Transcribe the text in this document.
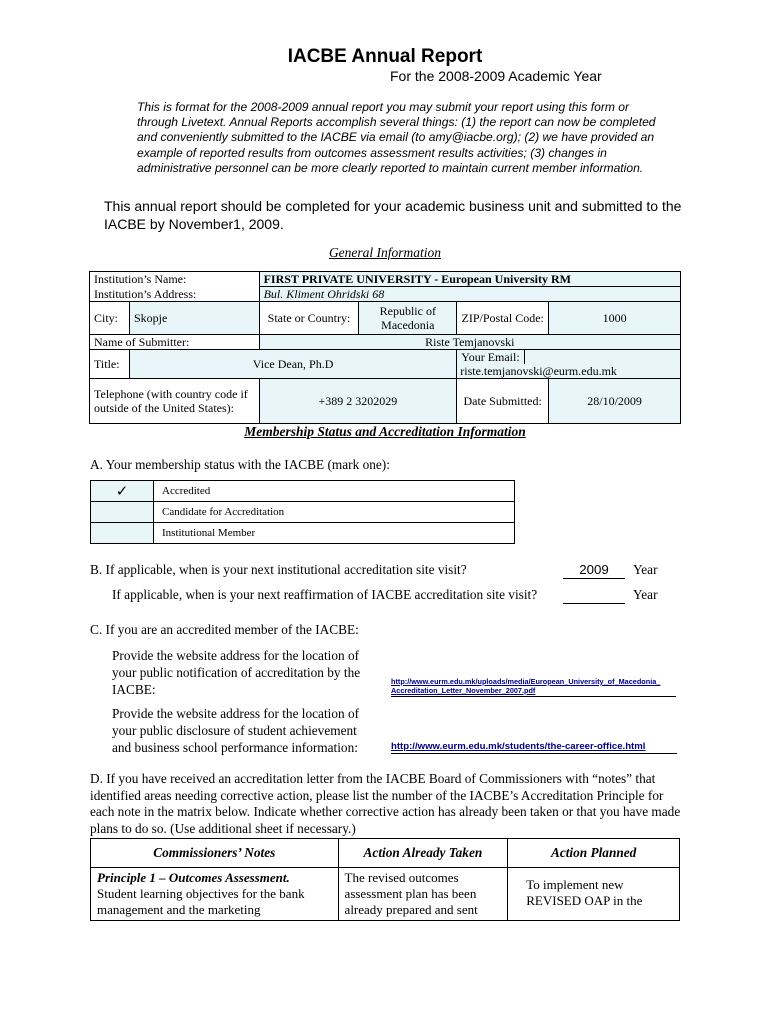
IACBE Annual Report
For the 2008-2009 Academic Year
This is format for the 2008-2009 annual report you may submit your report using this form or through Livetext. Annual Reports accomplish several things: (1) the report can now be completed and conveniently submitted to the IACBE via email (to amy@iacbe.org); (2) we have provided an example of reported results from outcomes assessment results activities; (3) changes in administrative personnel can be more clearly reported to maintain current member information.
This annual report should be completed for your academic business unit and submitted to the IACBE by November1, 2009.
General Information
Institution’s Name:		FIRST PRIVATE UNIVERSITY - European University RM			
Institution’s Address:		Bul. Kliment Ohridski 68			
City:	Skopje	State or Country:	Republic of Macedonia	ZIP/Postal Code:	1000
Name of Submitter:		Riste Temjanovski			
Title:	Vice Dean, Ph.D			Your Email: riste.temjanovski@eurm.edu.mk	
Telephone (with country code if outside of the United States):		+389 2 3202029		Date Submitted:	28/10/2009
Membership Status and Accreditation Information
A. Your membership status with the IACBE (mark one):
✓	Accredited
	Candidate for Accreditation
	Institutional Member
B. If applicable, when is your next institutional accreditation site visit?	2009	Year
If applicable, when is your next reaffirmation of IACBE accreditation site visit?	Year
C. If you are an accredited member of the IACBE:
Provide the website address for the location of your public notification of accreditation by the IACBE:
http://www.eurm.edu.mk/uploads/media/European_University_of_Macedonia_ Accreditation_Letter_November_2007.pdf
Provide the website address for the location of your public disclosure of student achievement and business school performance information:	http://www.eurm.edu.mk/students/the-career-office.html
D. If you have received an accreditation letter from the IACBE Board of Commissioners with “notes” that identified areas needing corrective action, please list the number of the IACBE’s Accreditation Principle for each note in the matrix below. Indicate whether corrective action has already been taken or that you have made plans to do so. (Use additional sheet if necessary.)
Commissioners’ Notes	Action Already Taken	Action Planned

Principle 1 – Outcomes Assessment.
Student learning objectives for the bank management and the marketing	The revised outcomes assessment plan has been already prepared and sent	To implement new REVISED OAP in the
